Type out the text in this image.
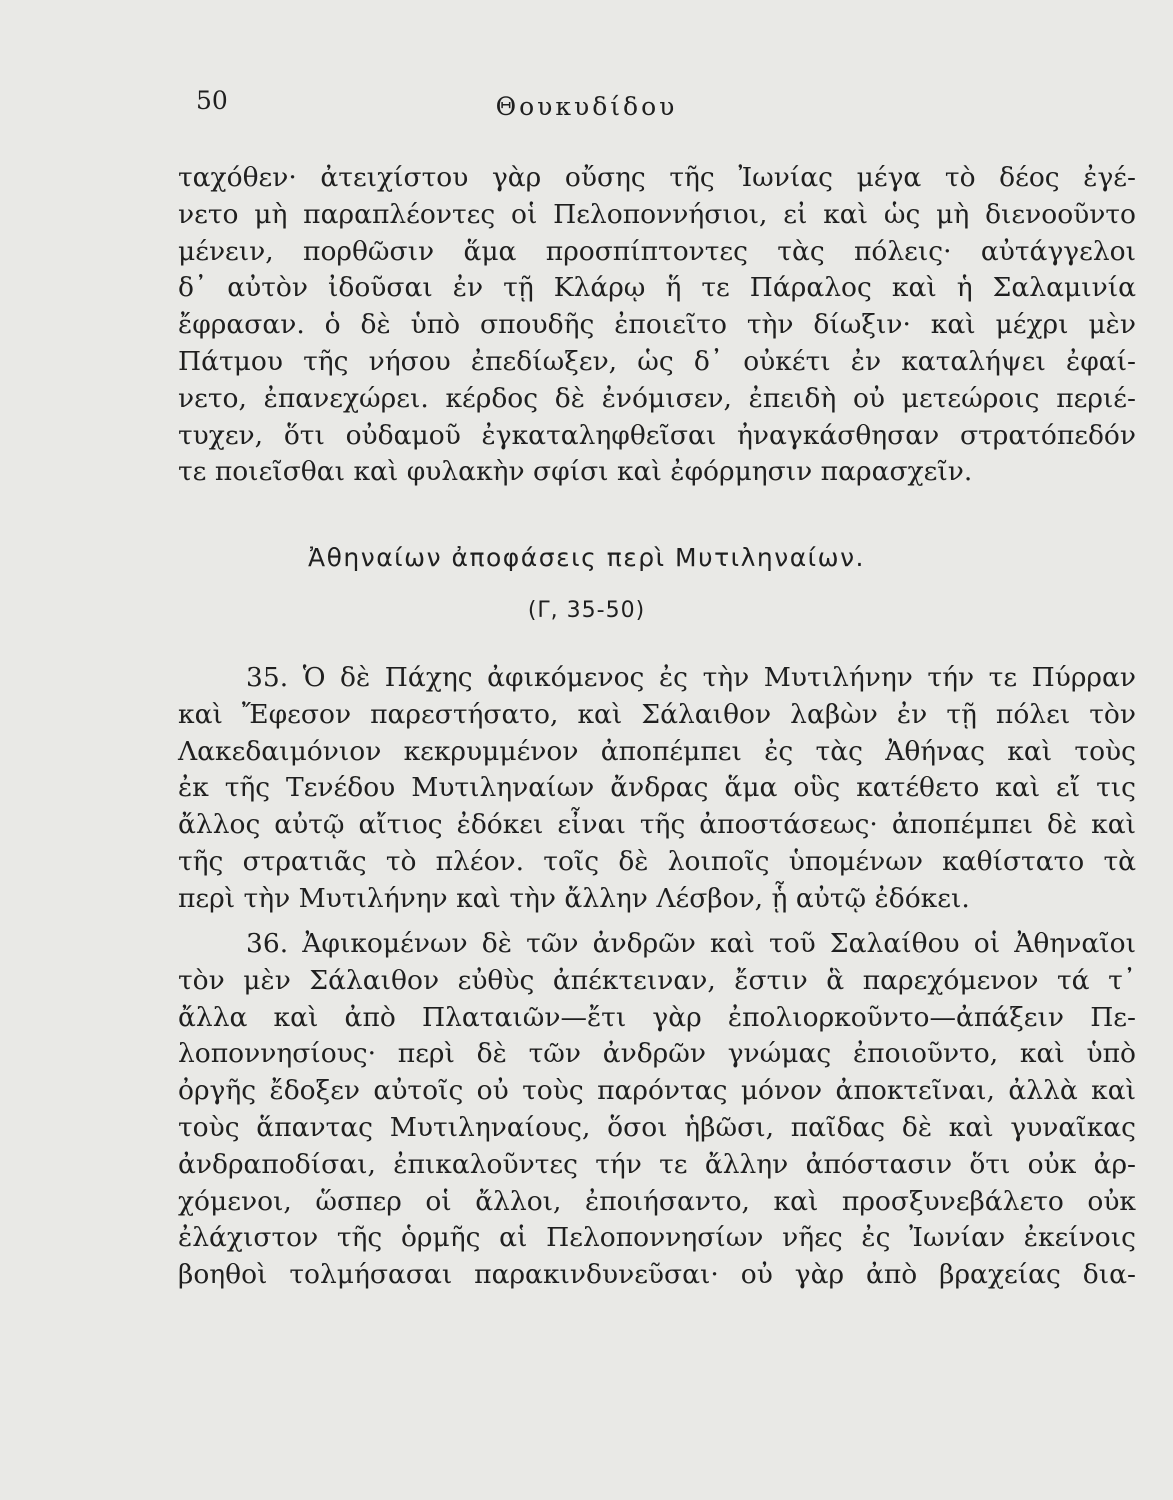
50	Θουκυδίδου
ταχόθεν· ἀτειχίστου γὰρ οὔσης τῆς Ἰωνίας μέγα τὸ δέος ἐγέ-
νετο μὴ παραπλέοντες οἱ Πελοποννήσιοι, εἰ καὶ ὡς μὴ διενοοῦντο
μένειν, πορθῶσιν ἅμα προσπίπτοντες τὰς πόλεις· αὐτάγγελοι
δ᾽ αὐτὸν ἰδοῦσαι ἐν τῇ Κλάρῳ ἥ τε Πάραλος καὶ ἡ Σαλαμινία
ἔφρασαν. ὁ δὲ ὑπὸ σπουδῆς ἐποιεῖτο τὴν δίωξιν· καὶ μέχρι μὲν
Πάτμου τῆς νήσου ἐπεδίωξεν, ὡς δ᾽ οὐκέτι ἐν καταλήψει ἐφαί-
νετο, ἐπανεχώρει. κέρδος δὲ ἐνόμισεν, ἐπειδὴ οὐ μετεώροις περιέ-
τυχεν, ὅτι οὐδαμοῦ ἐγκαταληφθεῖσαι ἠναγκάσθησαν στρατόπεδόν
τε ποιεῖσθαι καὶ φυλακὴν σφίσι καὶ ἐφόρμησιν παρασχεῖν.
Ἀθηναίων ἀποφάσεις περὶ Μυτιληναίων.
(Γ, 35-50)
35. Ὁ δὲ Πάχης ἀφικόμενος ἐς τὴν Μυτιλήνην τήν τε Πύρραν
καὶ Ἔφεσον παρεστήσατο, καὶ Σάλαιθον λαβὼν ἐν τῇ πόλει τὸν
Λακεδαιμόνιον κεκρυμμένον ἀποπέμπει ἐς τὰς Ἀθήνας καὶ τοὺς
ἐκ τῆς Τενέδου Μυτιληναίων ἄνδρας ἅμα οὓς κατέθετο καὶ εἴ τις
ἄλλος αὐτῷ αἴτιος ἐδόκει εἶναι τῆς ἀποστάσεως· ἀποπέμπει δὲ καὶ
τῆς στρατιᾶς τὸ πλέον. τοῖς δὲ λοιποῖς ὑπομένων καθίστατο τὰ
περὶ τὴν Μυτιλήνην καὶ τὴν ἄλλην Λέσβον, ᾗ αὐτῷ ἐδόκει.
36. Ἀφικομένων δὲ τῶν ἀνδρῶν καὶ τοῦ Σαλαίθου οἱ Ἀθηναῖοι
τὸν μὲν Σάλαιθον εὐθὺς ἀπέκτειναν, ἔστιν ἃ παρεχόμενον τά τ᾽
ἄλλα καὶ ἀπὸ Πλαταιῶν—ἔτι γὰρ ἐπολιορκοῦντο—ἀπάξειν Πε-
λοποννησίους· περὶ δὲ τῶν ἀνδρῶν γνώμας ἐποιοῦντο, καὶ ὑπὸ
ὀργῆς ἔδοξεν αὐτοῖς οὐ τοὺς παρόντας μόνον ἀποκτεῖναι, ἀλλὰ καὶ
τοὺς ἅπαντας Μυτιληναίους, ὅσοι ἡβῶσι, παῖδας δὲ καὶ γυναῖκας
ἀνδραποδίσαι, ἐπικαλοῦντες τήν τε ἄλλην ἀπόστασιν ὅτι οὐκ ἀρ-
χόμενοι, ὥσπερ οἱ ἄλλοι, ἐποιήσαντο, καὶ προσξυνεβάλετο οὐκ
ἐλάχιστον τῆς ὁρμῆς αἱ Πελοποννησίων νῆες ἐς Ἰωνίαν ἐκείνοις
βοηθοὶ τολμήσασαι παρακινδυνεῦσαι· οὐ γὰρ ἀπὸ βραχείας δια-
